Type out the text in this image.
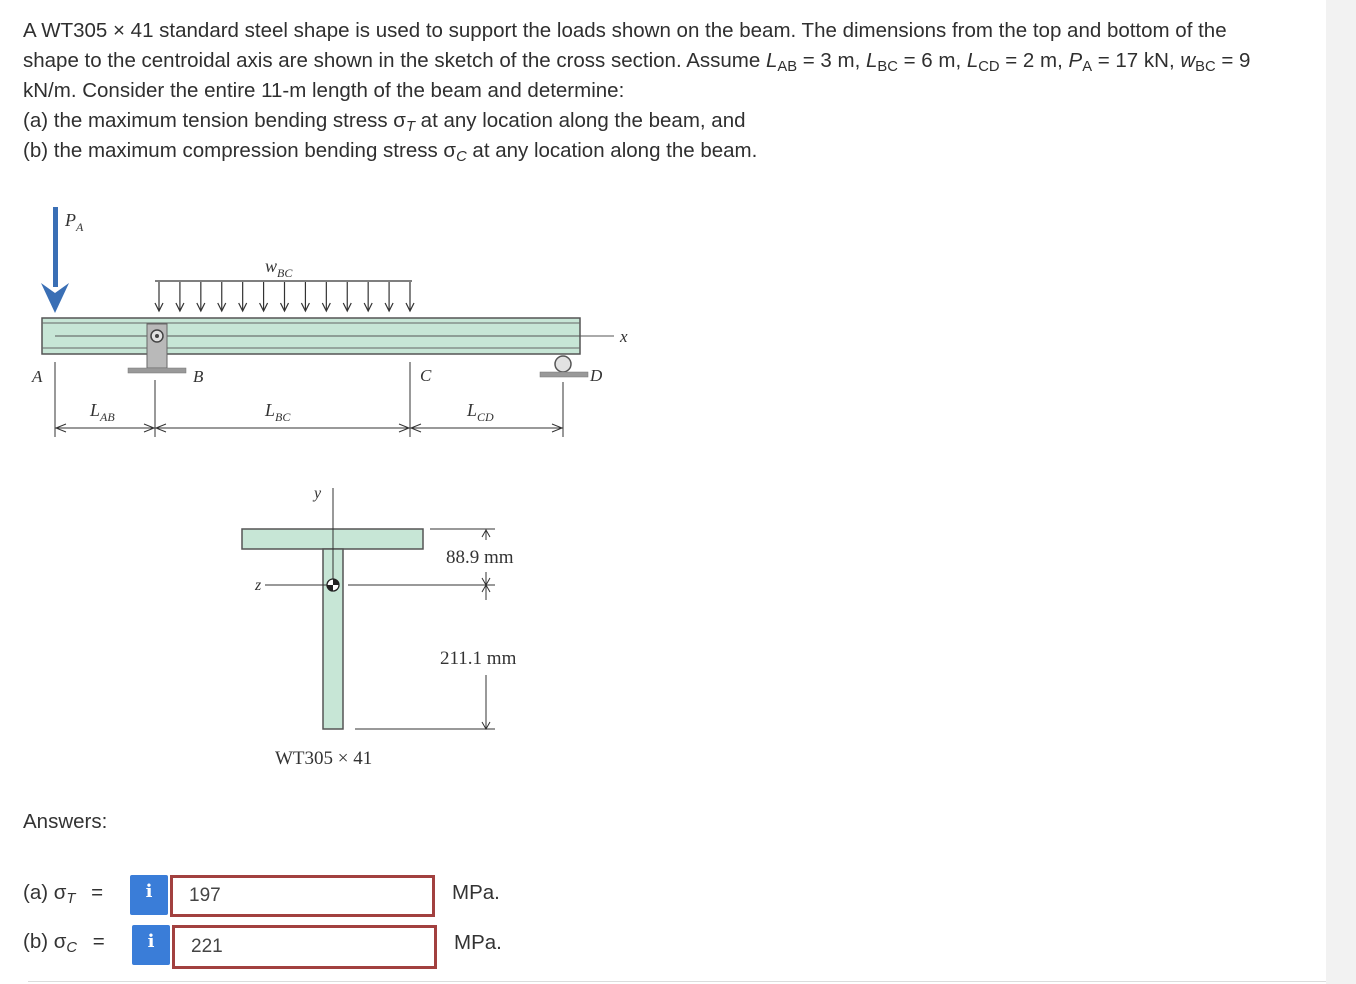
A WT305 × 41 standard steel shape is used to support the loads shown on the beam. The dimensions from the top and bottom of the

shape to the centroidal axis are shown in the sketch of the cross section. Assume $L_{AB} = 3$ m, $L_{BC} = 6$ m, $L_{CD} = 2$ m, $P_A = 17$ kN, $w_{BC} = 9$

kN/m. Consider the entire 11-m length of the beam and determine:

(a) the maximum tension bending stress $\sigma_T$ at any location along the beam, and

(b) the maximum compression bending stress $\sigma_C$ at any location along the beam.

$P_A$
$w_{BC}$
x
A	B	C	D
$L_{AB}$	$L_{BC}$	$L_{CD}$
y
z
88.9 mm
211.1 mm
WT305 × 41
Answers:
(a) $\sigma_T$ =	i
197	MPa.
(b) $\sigma_C$ =	i
221	MPa.
